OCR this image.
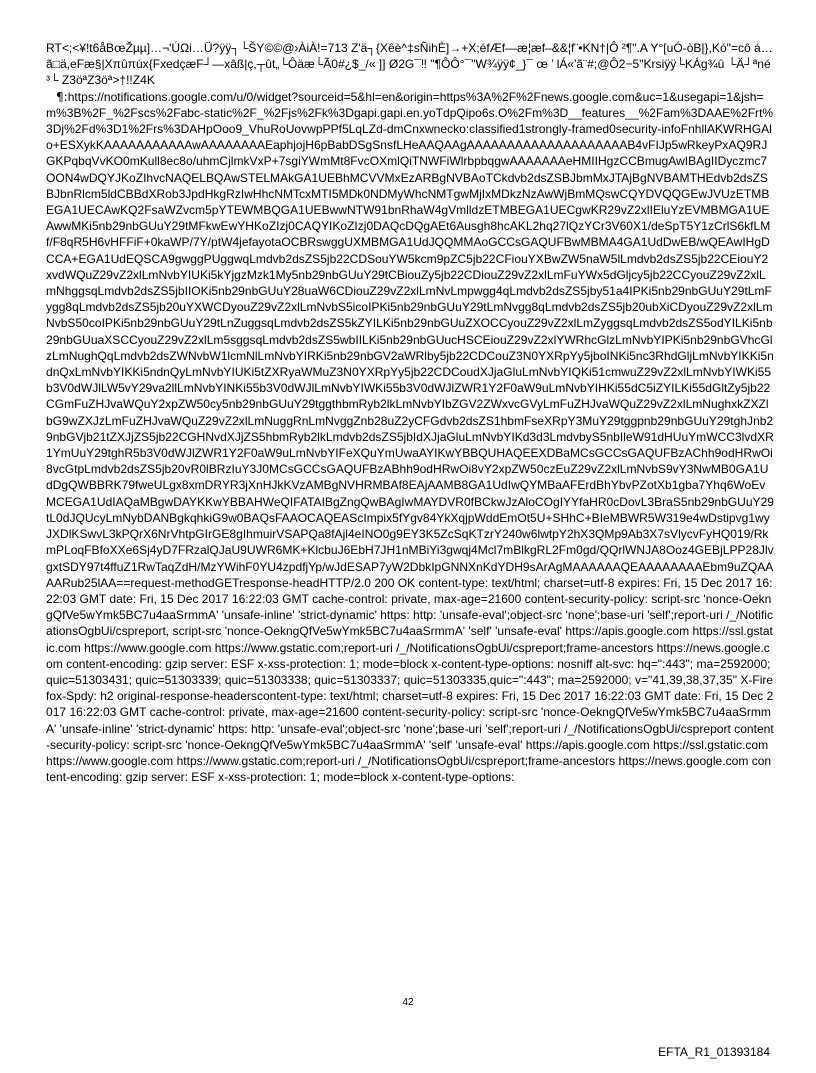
RT<;<¥!t6åBœŽµµ]…¬'ÚΩi…Ü?ÿÿ┐└ŠY©©@›ÀiÀ!=713 Z'ä┐{Xêè^‡sÑihÈ]→+X;éfÆf—æ¦æf–&&¦f¨•KN†|Ô ²¶".A Y°[uÓ-òB|},Kó"=cô á…ã□ä,eFæ§|Xπûπúx{FxedçæF┘—xâß|ç,┬ût„└Ôäæ└Ã0#¿$_/« ]] Ø2G¯‼ "¶ÔÔ°¯"W¾ÿÿ¢_}¯ œ ’ lÁ«'ã¨#;@Ô2−5"Krsiÿÿ└KÁg¾û └Ä┘ªné³└ Z3öªZ3öª>†!!Z4K

¶:https://notifications.google.com/u/0/widget?sourceid=5&hl=en&origin=https%3A%2F%2Fnews.google.com&uc=1&usegapi=1&jsh=m%3B%2F_%2Fscs%2Fabc-static%2F_%2Fjs%2Fk%3Dgapi.gapi.en.yoTdpQipo6s.O%2Fm%3D__features__%2Fam%3DAAE%2Frt%3Dj%2Fd%3D1%2Frs%3DAHpOoo9_VhuRoUovwpPPf5LqLZd-dmCnxwnecko:classified1strongly-framed0security-infoFnhllAKWRHGAlo+ESXykKAAAAAAAAAAAwAAAAAAAAEaphjojH6pBabDSgSnsfLHeAAQAAgAAAAAAAAAAAAAAAAAAAAB4vFIJp5wRkeyPxAQ9RJGKPqbqVvKO0mKull8ec8o/uhmCjlmkVxP+7sgiYWmMt8FvcOXmlQiTNWFiWlrbpbqgwAAAAAAAeHMIIHgzCCBmugAwIBAgIIDyczmc7OON4wDQYJKoZIhvcNAQELBQAwSTELMAkGA1UEBhMCVVMxEzARBgNVBAoTCkdvb2dsZSBJbmMxJTAjBgNVBAMTHEdvb2dsZSBJbnRlcm5ldCBBdXRob3JpdHkgRzIwHhcNMTcxMTI5MDk0NDMyWhcNMTgwMjIxMDkzNzAwWjBmMQswCQYDVQQGEwJVUzETMBEGA1UECAwKQ2FsaWZvcm5pYTEWMBQGA1UEBwwNTW91bnRhaW4gVmlldzETMBEGA1UECgwKR29vZ2xlIEluYzEVMBMGA1UEAwwMKi5nb29nbGUuY29tMFkwEwYHKoZIzj0CAQYIKoZIzj0DAQcDQgAEt6Ausgh8hcAKL2hq27lQzYCr3V60X1/deSpT5Y1zCrlS6kfLMf/F8qR5H6vHFFiF+0kaWP/7Y/ptW4jefayotaOCBRswggUXMBMGA1UdJQQMMAoGCCsGAQUFBwMBMA4GA1UdDwEB/wQEAwIHgDCCA+EGA1UdEQSCA9gwggPUggwqLmdvb2dsZS5jb22CDSouYW5kcm9pZC5jb22CFiouYXBwZW5naW5lLmdvb2dsZS5jb22CEiouY2xvdWQuZ29vZ2xlLmNvbYIUKi5kYjgzMzk1My5nb29nbGUuY29tCBiouZy5jb22CDiouZ29vZ2xlLmFuYWx5dGljcy5jb22CCyouZ29vZ2xlLmNhggsqLmdvb2dsZS5jbIIOKi5nb29nbGUuY28uaW6CDiouZ29vZ2xlLmNvLmpwgg4qLmdvb2dsZS5jby51a4IPKi5nb29nbGUuY29tLmFygg8qLmdvb2dsZS5jb20uYXWCDyouZ29vZ2xlLmNvbS5icoIPKi5nb29nbGUuY29tLmNvgg8qLmdvb2dsZS5jb20ubXiCDyouZ29vZ2xlLmNvbS50coIPKi5nb29nbGUuY29tLnZuggsqLmdvb2dsZS5kZYILKi5nb29nbGUuZXOCCyouZ29vZ2xlLmZyggsqLmdvb2dsZS5odYILKi5nb29nbGUuaXSCCyouZ29vZ2xlLm5sggsqLmdvb2dsZS5wbIILKi5nb29nbGUucHSCEiouZ29vZ2xlYWRhcGlzLmNvbYIPKi5nb29nbGVhcGlzLmNughQqLmdvb2dsZWNvbW1lcmNlLmNvbYIRKi5nb29nbGV2aWRlby5jb22CDCouZ3N0YXRpYy5jboINKi5nc3RhdGljLmNvbYIKKi5ndnQxLmNvbYIKKi5ndnQyLmNvbYIUKi5tZXRyaWMuZ3N0YXRpYy5jb22CDCoudXJjaGluLmNvbYIQKi51cmwuZ29vZ2xlLmNvbYIWKi55b3V0dWJlLW5vY29va2llLmNvbYINKi55b3V0dWJlLmNvbYIWKi55b3V0dWJlZWR1Y2F0aW9uLmNvbYIHKi55dC5iZYILKi55dGltZy5jb22CGmFuZHJvaWQuY2xpZW50cy5nb29nbGUuY29tggthbmRyb2lkLmNvbYIbZGV2ZWxvcGVyLmFuZHJvaWQuZ29vZ2xlLmNughxkZXZlbG9wZXJzLmFuZHJvaWQuZ29vZ2xlLmNuggRnLmNvggZnb28uZ2yCFGdvb2dsZS1hbmFseXRpY3MuY29tggpnb29nbGUuY29tghJnb29nbGVjb21tZXJjZS5jb22CGHNvdXJjZS5hbmRyb2lkLmdvb2dsZS5jbIdXJjaGluLmNvbYIKd3d3LmdvbyS5nbIleW91dHUuYmWCC3lvdXR1YmUuY29tghR5b3V0dWJlZWR1Y2F0aW9uLmNvbYIFeXQuYmUwaAYIKwYBBQUHAQEEXDBaMCsGCCsGAQUFBzAChh9odHRwOi8vcGtpLmdvb2dsZS5jb20vR0lBRzIuY3J0MCsGCCsGAQUFBzABhh9odHRwOi8vY2xpZW50czEuZ29vZ2xlLmNvbS9vY3NwMB0GA1UdDgQWBBRK79fweULgx8xmDRYR3jXnHJkKVzAMBgNVHRMBAf8EAjAAMB8GA1UdIwQYMBaAFErdBhYbvPZotXb1gba7Yhq6WoEvMCEGA1UdIAQaMBgwDAYKKwYBBAHWeQIFATAIBgZngQwBAgIwMAYDVR0fBCkwJzAloCOgIYYfaHR0cDovL3BraS5nb29nbGUuY29tL0dJQUcyLmNybDANBgkqhkiG9w0BAQsFAAOCAQEAScImpix5fYgv84YkXqjpWddEmOt5U+SHhC+BIeMBWR5W319e4wDstipvg1wyJXDlKSwvL3kPQrX6NrVhtpGIrGE8gIhmuirVSAPQa8fAjl4eINO0g9EY3K5ZcSqKTzrY240w6lwtpY2hX3QMp9Ab3X7sVlycvFyHQ019/RkmPLoqFBfoXXe6Sj4yD7FRzalQJaU9UWR6MK+KlcbuJ6EbH7JH1nMBiYi3gwqj4Mcl7mBlkgRL2Fm0gd/QQrlWNJA8Ooz4GEBjLPP28JlvgxtSDY97t4ffuZ1RwTaqZdH/MzYWihF0YU4zpdfjYp/wJdESAP7yW2DbkIpGNNXnKdYDH9sArAgMAAAAAAQEAAAAAAAAEbm9uZQAAAARub25lAA==request-methodGETresponse-headHTTP/2.0 200 OK content-type: text/html; charset=utf-8 expires: Fri, 15 Dec 2017 16:22:03 GMT date: Fri, 15 Dec 2017 16:22:03 GMT cache-control: private, max-age=21600 content-security-policy: script-src 'nonce-OekngQfVe5wYmk5BC7u4aaSrmmA' 'unsafe-inline' 'strict-dynamic' https: http: 'unsafe-eval';object-src 'none';base-uri 'self';report-uri /_/NotificationsOgbUi/cspreport, script-src 'nonce-OekngQfVe5wYmk5BC7u4aaSrmmA' 'self' 'unsafe-eval' https://apis.google.com https://ssl.gstatic.com https://www.google.com https://www.gstatic.com;report-uri /_/NotificationsOgbUi/cspreport;frame-ancestors https://news.google.com content-encoding: gzip server: ESF x-xss-protection: 1; mode=block x-content-type-options: nosniff alt-svc: hq=":443"; ma=2592000; quic=51303431; quic=51303339; quic=51303338; quic=51303337; quic=51303335,quic=":443"; ma=2592000; v="41,39,38,37,35" X-Firefox-Spdy: h2 original-response-headerscontent-type: text/html; charset=utf-8 expires: Fri, 15 Dec 2017 16:22:03 GMT date: Fri, 15 Dec 2017 16:22:03 GMT cache-control: private, max-age=21600 content-security-policy: script-src 'nonce-OekngQfVe5wYmk5BC7u4aaSrmmA' 'unsafe-inline' 'strict-dynamic' https: http: 'unsafe-eval';object-src 'none';base-uri 'self';report-uri /_/NotificationsOgbUi/cspreport content-security-policy: script-src 'nonce-OekngQfVe5wYmk5BC7u4aaSrmmA' 'self' 'unsafe-eval' https://apis.google.com https://ssl.gstatic.com https://www.google.com https://www.gstatic.com;report-uri /_/NotificationsOgbUi/cspreport;frame-ancestors https://news.google.com content-encoding: gzip server: ESF x-xss-protection: 1; mode=block x-content-type-options:

42
EFTA_R1_01393184
